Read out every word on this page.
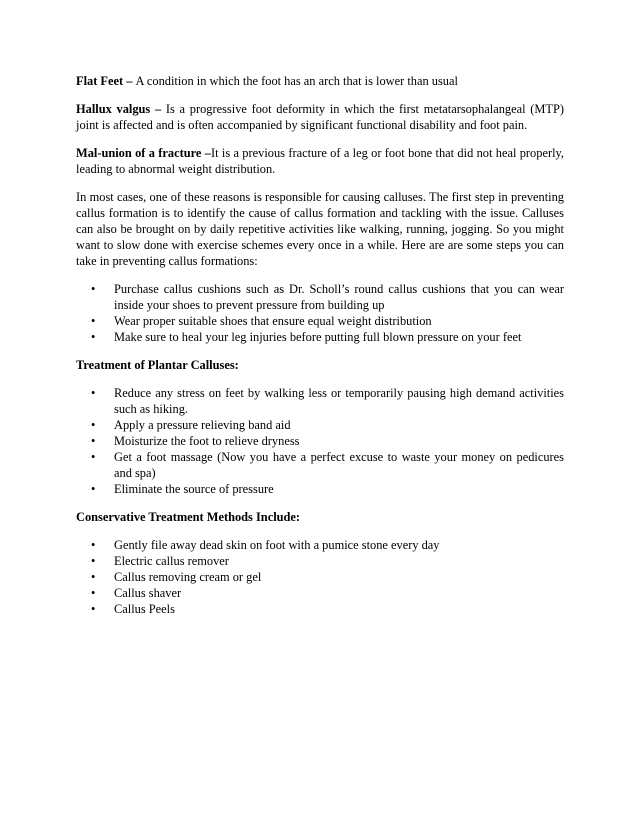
Flat Feet – A condition in which the foot has an arch that is lower than usual

Hallux valgus – Is a progressive foot deformity in which the first metatarsophalangeal (MTP) joint is affected and is often accompanied by significant functional disability and foot pain.

Mal-union of a fracture –It is a previous fracture of a leg or foot bone that did not heal properly, leading to abnormal weight distribution.

In most cases, one of these reasons is responsible for causing calluses. The first step in preventing callus formation is to identify the cause of callus formation and tackling with the issue. Calluses can also be brought on by daily repetitive activities like walking, running, jogging. So you might want to slow done with exercise schemes every once in a while. Here are are some steps you can take in preventing callus formations:

• Purchase callus cushions such as Dr. Scholl’s round callus cushions that you can wear inside your shoes to prevent pressure from building up
• Wear proper suitable shoes that ensure equal weight distribution
• Make sure to heal your leg injuries before putting full blown pressure on your feet
Treatment of Plantar Calluses:
• Reduce any stress on feet by walking less or temporarily pausing high demand activities such as hiking.
• Apply a pressure relieving band aid
• Moisturize the foot to relieve dryness
• Get a foot massage (Now you have a perfect excuse to waste your money on pedicures and spa)
• Eliminate the source of pressure
Conservative Treatment Methods Include:
• Gently file away dead skin on foot with a pumice stone every day
• Electric callus remover
• Callus removing cream or gel
• Callus shaver
• Callus Peels
